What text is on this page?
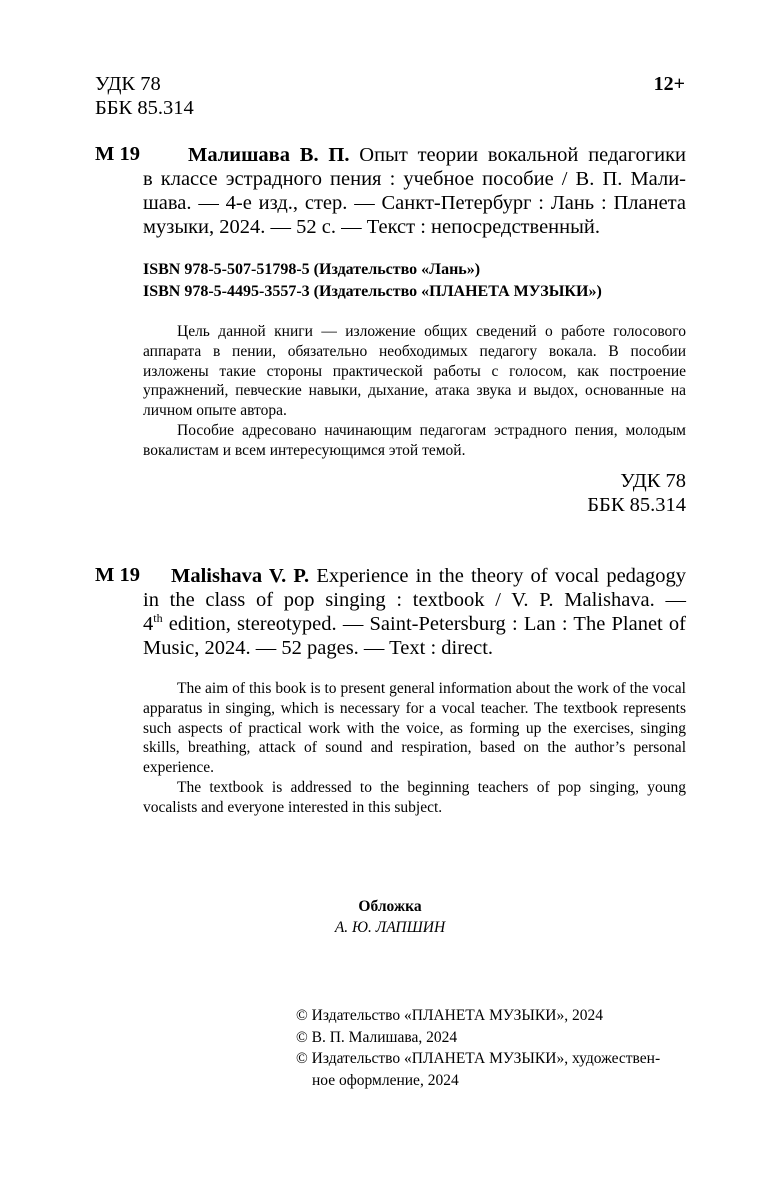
УДК 78
ББК 85.314
12+
М 19	Малишава В. П. Опыт теории вокальной педагогики
в классе эстрадного пения : учебное пособие / В. П. Мали-
шава. — 4-е изд., стер. — Санкт-Петербург : Лань : Планета
музыки, 2024. — 52 с. — Текст : непосредственный.
ISBN 978-5-507-51798-5 (Издательство «Лань»)
ISBN 978-5-4495-3557-3 (Издательство «ПЛАНЕТА МУЗЫКИ»)

Цель данной книги — изложение общих сведений о работе голосового аппарата в пении, обязательно необходимых педагогу вокала. В пособии изложены такие стороны практической работы с голосом, как построение упражнений, певческие навыки, дыхание, атака звука и выдох, основанные на личном опыте автора.

Пособие адресовано начинающим педагогам эстрадного пения, молодым вокалистам и всем интересующимся этой темой.

УДК 78
ББК 85.314
М 19	Malishava V. P. Experience in the theory of vocal pedagogy
in the class of pop singing : textbook / V. P. Malishava. —
4th edition, stereotyped. — Saint-Petersburg : Lan : The Planet of
Music, 2024. — 52 pages. — Text : direct.

The aim of this book is to present general information about the work of the vocal apparatus in singing, which is necessary for a vocal teacher. The textbook represents such aspects of practical work with the voice, as forming up the exercises, singing skills, breathing, attack of sound and respiration, based on the author’s personal experience.

The textbook is addressed to the beginning teachers of pop singing, young vocalists and everyone interested in this subject.

Обложка
А. Ю. ЛАПШИН
© Издательство «ПЛАНЕТА МУЗЫКИ», 2024
© В. П. Малишава, 2024
© Издательство «ПЛАНЕТА МУЗЫКИ», художествен-
ное оформление, 2024
